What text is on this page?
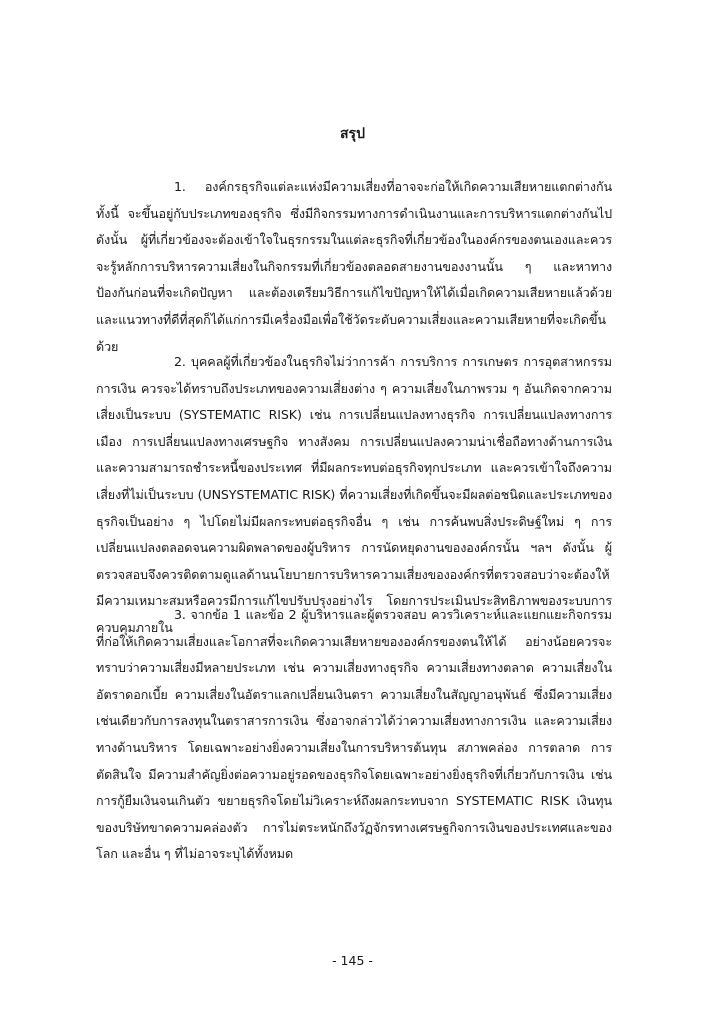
สรุป

1. องค์กรธุรกิจแต่ละแห่งมีความเสี่ยงที่อาจจะก่อให้เกิดความเสียหายแตกต่างกัน ทั้งนี้ จะขึ้นอยู่กับประเภทของธุรกิจ ซึ่งมีกิจกรรมทางการดำเนินงานและการบริหารแตกต่างกันไป ดังนั้น ผู้ที่เกี่ยวข้องจะต้องเข้าใจในธุรกรรมในแต่ละธุรกิจที่เกี่ยวข้องในองค์กรของตนเองและควรจะรู้หลักการบริหารความเสี่ยงในกิจกรรมที่เกี่ยวข้องตลอดสายงานของงานนั้น ๆ และหาทางป้องกันก่อนที่จะเกิดปัญหา และต้องเตรียมวิธีการแก้ไขปัญหาให้ได้เมื่อเกิดความเสียหายแล้วด้วย และแนวทางที่ดีที่สุดก็ได้แก่การมีเครื่องมือเพื่อใช้วัดระดับความเสี่ยงและความเสียหายที่จะเกิดขึ้นด้วย

2. บุคคลผู้ที่เกี่ยวข้องในธุรกิจไม่ว่าการค้า การบริการ การเกษตร การอุตสาหกรรม การเงิน ควรจะได้ทราบถึงประเภทของความเสี่ยงต่าง ๆ ความเสี่ยงในภาพรวม ๆ อันเกิดจากความเสี่ยงเป็นระบบ (SYSTEMATIC RISK) เช่น การเปลี่ยนแปลงทางธุรกิจ การเปลี่ยนแปลงทางการเมือง การเปลี่ยนแปลงทางเศรษฐกิจ ทางสังคม การเปลี่ยนแปลงความน่าเชื่อถือทางด้านการเงิน และความสามารถชำระหนี้ของประเทศ ที่มีผลกระทบต่อธุรกิจทุกประเภท และควรเข้าใจถึงความเสี่ยงที่ไม่เป็นระบบ (UNSYSTEMATIC RISK) ที่ความเสี่ยงที่เกิดขึ้นจะมีผลต่อชนิดและประเภทของธุรกิจเป็นอย่าง ๆ ไปโดยไม่มีผลกระทบต่อธุรกิจอื่น ๆ เช่น การค้นพบสิ่งประดิษฐ์ใหม่ ๆ การเปลี่ยนแปลงตลอดจนความผิดพลาดของผู้บริหาร การนัดหยุดงานขององค์กรนั้น ฯลฯ ดังนั้น ผู้ตรวจสอบจึงควรติดตามดูแลด้านนโยบายการบริหารความเสี่ยงขององค์กรที่ตรวจสอบว่าจะต้องให้มีความเหมาะสมหรือควรมีการแก้ไขปรับปรุงอย่างไร โดยการประเมินประสิทธิภาพของระบบการควบคุมภายใน

3. จากข้อ 1 และข้อ 2 ผู้บริหารและผู้ตรวจสอบ ควรวิเคราะห์และแยกแยะกิจกรรมที่ก่อให้เกิดความเสี่ยงและโอกาสที่จะเกิดความเสียหายขององค์กรของตนให้ได้ อย่างน้อยควรจะทราบว่าความเสี่ยงมีหลายประเภท เช่น ความเสี่ยงทางธุรกิจ ความเสี่ยงทางตลาด ความเสี่ยงในอัตราดอกเบี้ย ความเสี่ยงในอัตราแลกเปลี่ยนเงินตรา ความเสี่ยงในสัญญาอนุพันธ์ ซึ่งมีความเสี่ยงเช่นเดียวกับการลงทุนในตราสารการเงิน ซึ่งอาจกล่าวได้ว่าความเสี่ยงทางการเงิน และความเสี่ยงทางด้านบริหาร โดยเฉพาะอย่างยิ่งความเสี่ยงในการบริหารต้นทุน สภาพคล่อง การตลาด การตัดสินใจ มีความสำคัญยิ่งต่อความอยู่รอดของธุรกิจโดยเฉพาะอย่างยิ่งธุรกิจที่เกี่ยวกับการเงิน เช่น การกู้ยืมเงินจนเกินตัว ขยายธุรกิจโดยไม่วิเคราะห์ถึงผลกระทบจาก SYSTEMATIC RISK เงินทุนของบริษัทขาดความคล่องตัว การไม่ตระหนักถึงวัฏจักรทางเศรษฐกิจการเงินของประเทศและของโลก และอื่น ๆ ที่ไม่อาจระบุได้ทั้งหมด

- 145 -
